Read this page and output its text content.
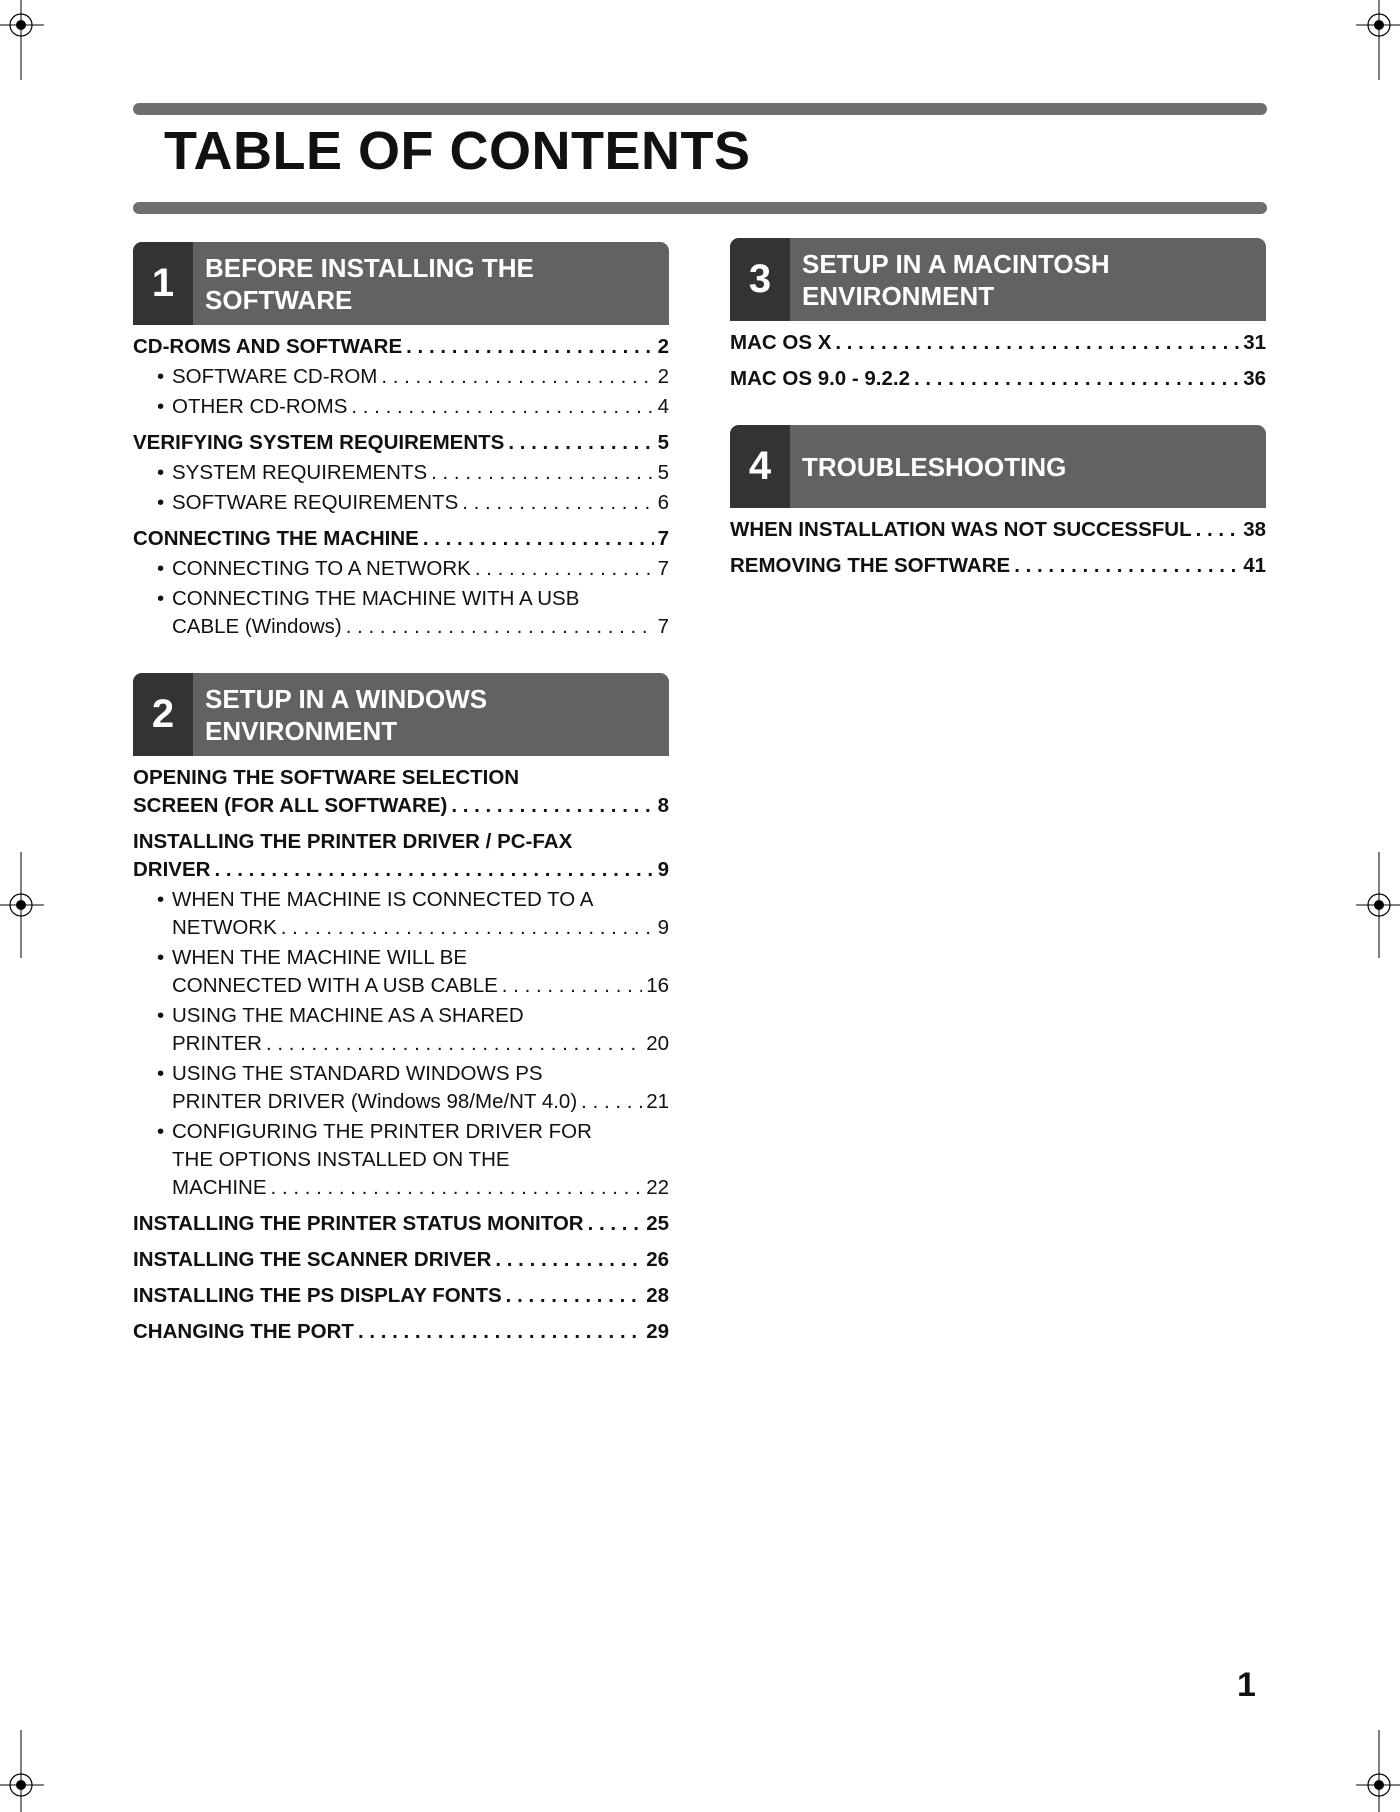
TABLE OF CONTENTS
1	BEFORE INSTALLING THE SOFTWARE
CD-ROMS AND SOFTWARE . . .	2
• SOFTWARE CD-ROM . . .	2
• OTHER CD-ROMS . . .	4
VERIFYING SYSTEM REQUIREMENTS . . .	5
• SYSTEM REQUIREMENTS . . .	5
• SOFTWARE REQUIREMENTS . . .	6
CONNECTING THE MACHINE . . .	7
• CONNECTING TO A NETWORK . . .	7
• CONNECTING THE MACHINE WITH A USB
CABLE (Windows) . . .	7
2	SETUP IN A WINDOWS ENVIRONMENT
OPENING THE SOFTWARE SELECTION
SCREEN (FOR ALL SOFTWARE) . . .	8
INSTALLING THE PRINTER DRIVER / PC-FAX
DRIVER . . .	9
• WHEN THE MACHINE IS CONNECTED TO A
NETWORK . . .	9
• WHEN THE MACHINE WILL BE
CONNECTED WITH A USB CABLE . . .	16
• USING THE MACHINE AS A SHARED
PRINTER . . .	20
• USING THE STANDARD WINDOWS PS
PRINTER DRIVER (Windows 98/Me/NT 4.0) . . .	21
• CONFIGURING THE PRINTER DRIVER FOR
THE OPTIONS INSTALLED ON THE
MACHINE . . .	22
INSTALLING THE PRINTER STATUS MONITOR . . .	25
INSTALLING THE SCANNER DRIVER . . .	26
INSTALLING THE PS DISPLAY FONTS . . .	28
CHANGING THE PORT . . .	29
3	SETUP IN A MACINTOSH ENVIRONMENT
MAC OS X . . .	31
MAC OS 9.0 - 9.2.2 . . .	36
4	TROUBLESHOOTING
WHEN INSTALLATION WAS NOT SUCCESSFUL . . .	38
REMOVING THE SOFTWARE . . .	41
1
